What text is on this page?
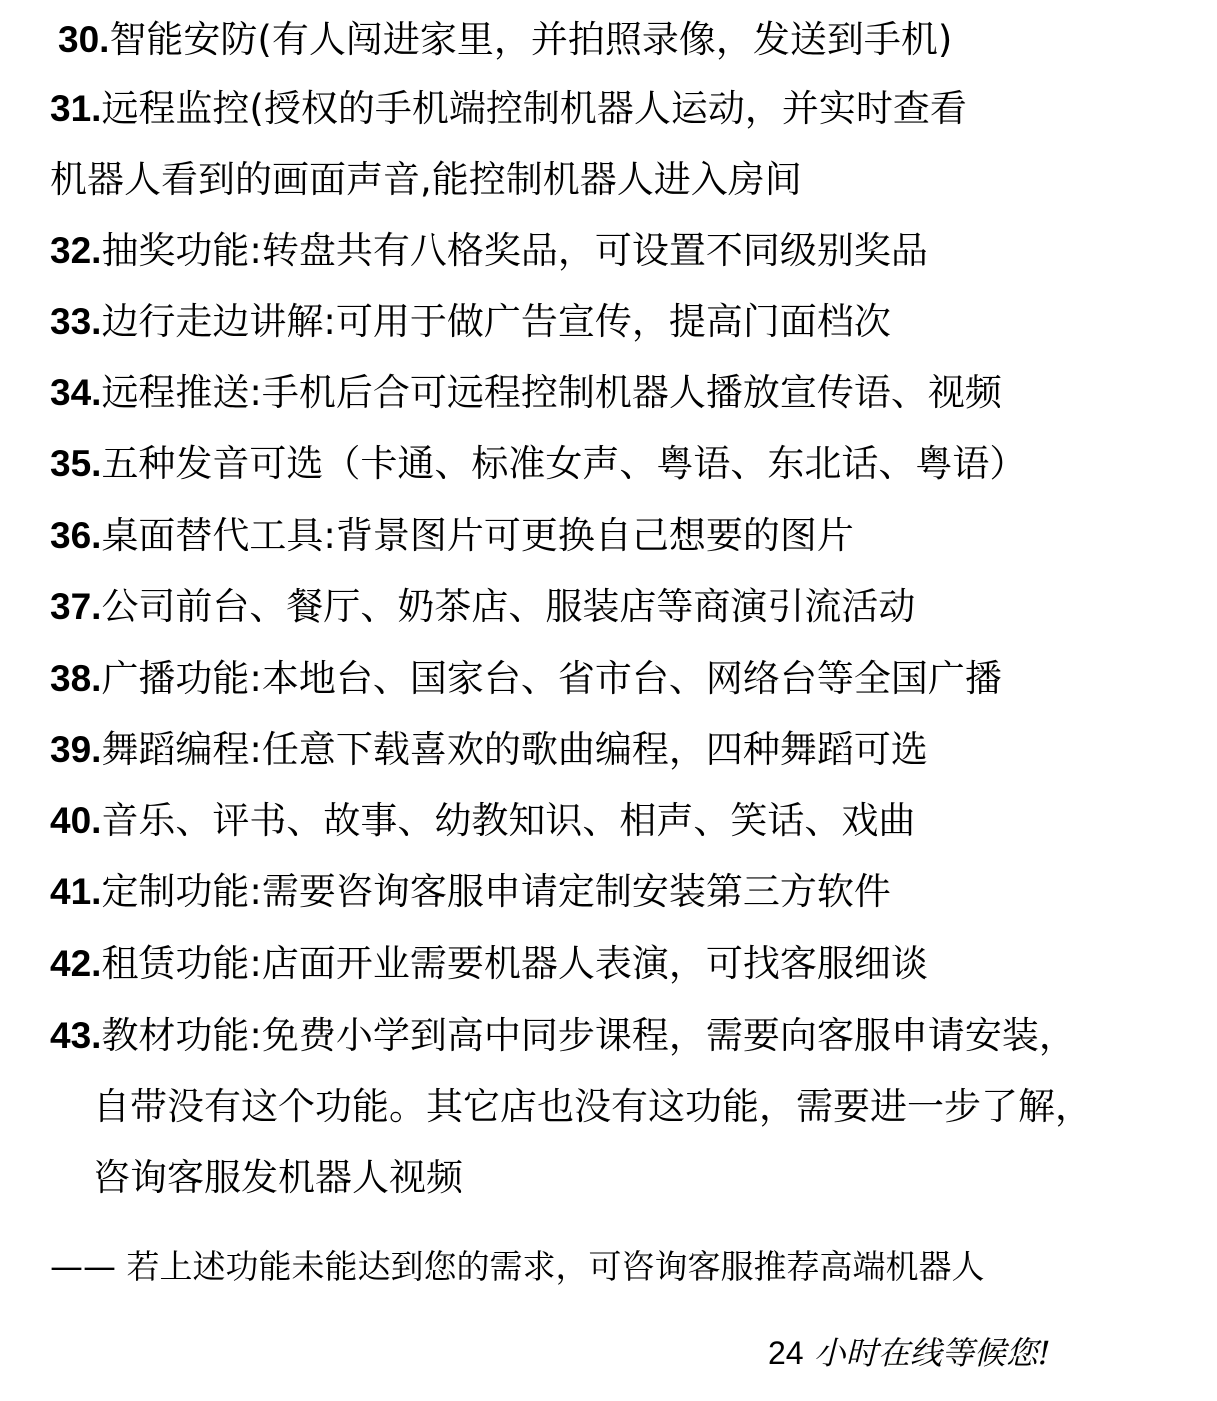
30.智能安防(有人闯进家里，并拍照录像，发送到手机)
31.远程监控(授权的手机端控制机器人运动，并实时查看
机器人看到的画面声音,能控制机器人进入房间
32.抽奖功能:转盘共有八格奖品，可设置不同级别奖品
33.边行走边讲解:可用于做广告宣传，提高门面档次
34.远程推送:手机后合可远程控制机器人播放宣传语、视频
35.五种发音可选（卡通、标准女声、粤语、东北话、粤语）
36.桌面替代工具:背景图片可更换自己想要的图片
37.公司前台、餐厅、奶茶店、服装店等商演引流活动
38.广播功能:本地台、国家台、省市台、网络台等全国广播
39.舞蹈编程:任意下载喜欢的歌曲编程，四种舞蹈可选
40.音乐、评书、故事、幼教知识、相声、笑话、戏曲
41.定制功能:需要咨询客服申请定制安装第三方软件
42.租赁功能:店面开业需要机器人表演，可找客服细谈
43.教材功能:免费小学到高中同步课程，需要向客服申请安装，
自带没有这个功能。其它店也没有这功能，需要进一步了解，
咨询客服发机器人视频
—— 若上述功能未能达到您的需求，可咨询客服推荐高端机器人
24 小时在线等候您!
